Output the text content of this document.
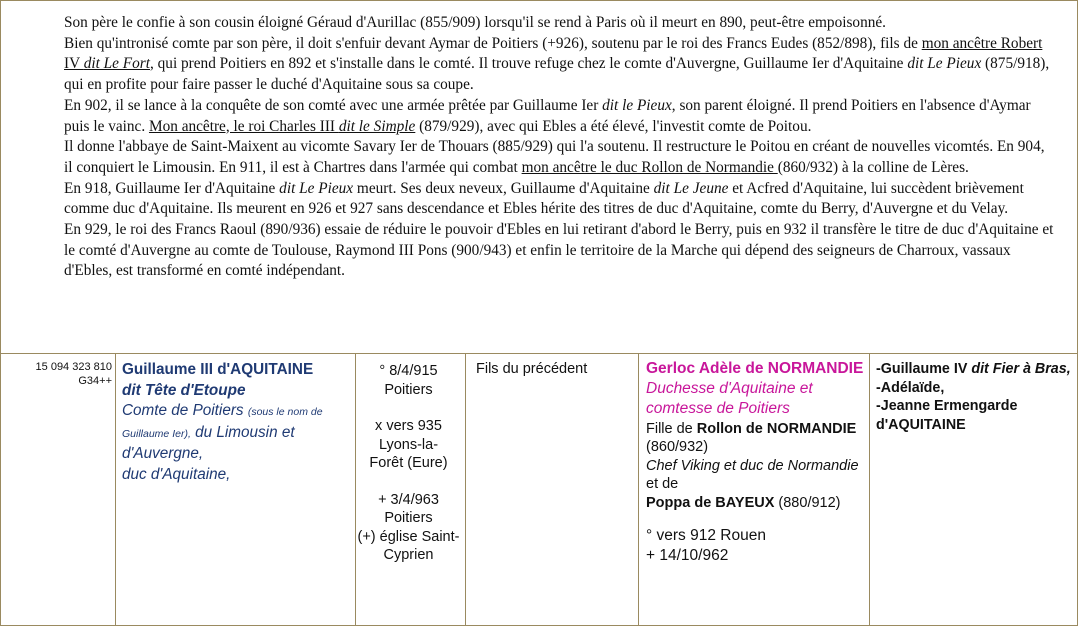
Son père le confie à son cousin éloigné Géraud d'Aurillac (855/909) lorsqu'il se rend à Paris où il meurt en 890, peut-être empoisonné.

Bien qu'intronisé comte par son père, il doit s'enfuir devant Aymar de Poitiers (+926), soutenu par le roi des Francs Eudes (852/898), fils de mon ancêtre Robert IV dit Le Fort, qui prend Poitiers en 892 et s'installe dans le comté. Il trouve refuge chez le comte d'Auvergne, Guillaume Ier d'Aquitaine dit Le Pieux (875/918), qui en profite pour faire passer le duché d'Aquitaine sous sa coupe.

En 902, il se lance à la conquête de son comté avec une armée prêtée par Guillaume Ier dit le Pieux, son parent éloigné. Il prend Poitiers en l'absence d'Aymar puis le vainc. Mon ancêtre, le roi Charles III dit le Simple (879/929), avec qui Ebles a été élevé, l'investit comte de Poitou.

Il donne l'abbaye de Saint-Maixent au vicomte Savary Ier de Thouars (885/929) qui l'a soutenu. Il restructure le Poitou en créant de nouvelles vicomtés. En 904, il conquiert le Limousin. En 911, il est à Chartres dans l'armée qui combat mon ancêtre le duc Rollon de Normandie (860/932) à la colline de Lères.

En 918, Guillaume Ier d'Aquitaine dit Le Pieux meurt. Ses deux neveux, Guillaume d'Aquitaine dit Le Jeune et Acfred d'Aquitaine, lui succèdent brièvement comme duc d'Aquitaine. Ils meurent en 926 et 927 sans descendance et Ebles hérite des titres de duc d'Aquitaine, comte du Berry, d'Auvergne et du Velay.

En 929, le roi des Francs Raoul (890/936) essaie de réduire le pouvoir d'Ebles en lui retirant d'abord le Berry, puis en 932 il transfère le titre de duc d'Aquitaine et le comté d'Auvergne au comte de Toulouse, Raymond III Pons (900/943) et enfin le territoire de la Marche qui dépend des seigneurs de Charroux, vassaux d'Ebles, est transformé en comté indépendant.

15 094 323 810
G34++
Guillaume III d'AQUITAINE
dit Tête d'Etoupe
Comte de Poitiers (sous le nom de Guillaume Ier), du Limousin et d'Auvergne,
duc d'Aquitaine,

° 8/4/915

Poitiers

x vers 935

Lyons-la-Forêt (Eure)

+ 3/4/963

Poitiers

(+) église Saint-Cyprien

Fils du précédent	Gerloc Adèle de NORMANDIE
Duchesse d'Aquitaine et comtesse de Poitiers
Fille de Rollon de NORMANDIE (860/932)
Chef Viking et duc de Normandie
et de
Poppa de BAYEUX (880/912)
° vers 912 Rouen
+ 14/10/962
-Guillaume IV dit Fier à Bras,
-Adélaïde,
-Jeanne Ermengarde d'AQUITAINE
